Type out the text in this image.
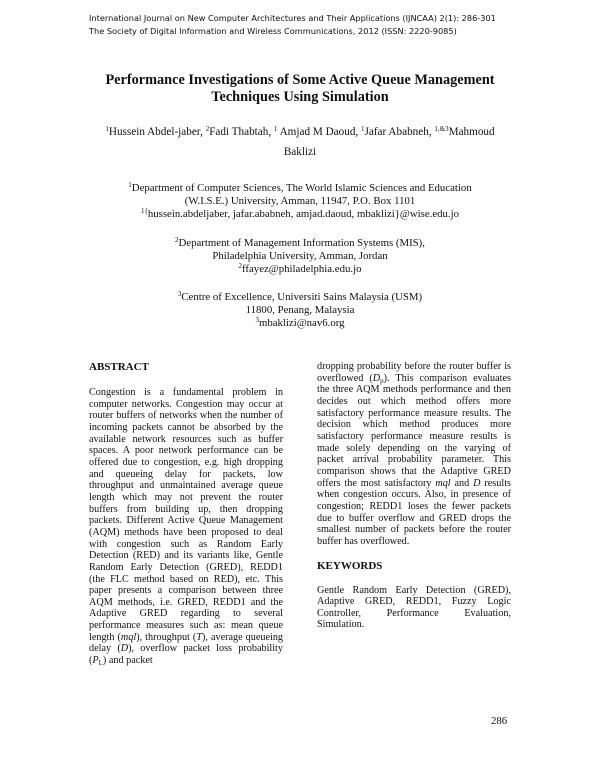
International Journal on New Computer Architectures and Their Applications (IJNCAA) 2(1): 286-301
The Society of Digital Information and Wireless Communications, 2012 (ISSN: 2220-9085)
Performance Investigations of Some Active Queue Management
Techniques Using Simulation
$^1$Hussein Abdel-jaber, $^2$Fadi Thabtah, $^1$ Amjad M Daoud, $^1$Jafar Ababneh, $^{1,\&3}$Mahmoud
Baklizi
$^1$Department of Computer Sciences, The World Islamic Sciences and Education
(W.I.S.E.) University, Amman, 11947, P.O. Box 1101
$^{1\{}$hussein.abdeljaber, jafar.ababneh, amjad.daoud, mbaklizi}@wise.edu.jo
$^2$Department of Management Information Systems (MIS),
Philadelphia University, Amman, Jordan
$^2$ffayez@philadelphia.edu.jo
$^3$Centre of Excellence, Universiti Sains Malaysia (USM)
11800, Penang, Malaysia
$^3$mbaklizi@nav6.org
ABSTRACT

Congestion is a fundamental problem in computer networks. Congestion may occur at router buffers of networks when the number of incoming packets cannot be absorbed by the available network resources such as buffer spaces. A poor network performance can be offered due to congestion, e.g. high dropping and queueing delay for packets, low throughput and unmaintained average queue length which may not prevent the router buffers from building up, then dropping packets. Different Active Queue Management (AQM) methods have been proposed to deal with congestion such as Random Early Detection (RED) and its variants like, Gentle Random Early Detection (GRED), REDD1 (the FLC method based on RED), etc. This paper presents a comparison between three AQM methods, i.e. GRED, REDD1 and the Adaptive GRED regarding to several performance measures such as: mean queue length (mql), throughput (T), average queueing delay (D), overflow packet loss probability $(P_L)$ and packet

dropping probability before the router buffer is overflowed $(D_p)$. This comparison evaluates the three AQM methods performance and then decides out which method offers more satisfactory performance measure results. The decision which method produces more satisfactory performance measure results is made solely depending on the varying of packet arrival probability parameter. This comparison shows that the Adaptive GRED offers the most satisfactory mql and D results when congestion occurs. Also, in presence of congestion; REDD1 loses the fewer packets due to buffer overflow and GRED drops the smallest number of packets before the router buffer has overflowed.

KEYWORDS

Gentle Random Early Detection (GRED), Adaptive GRED, REDD1, Fuzzy Logic Controller, Performance Evaluation, Simulation.

286
